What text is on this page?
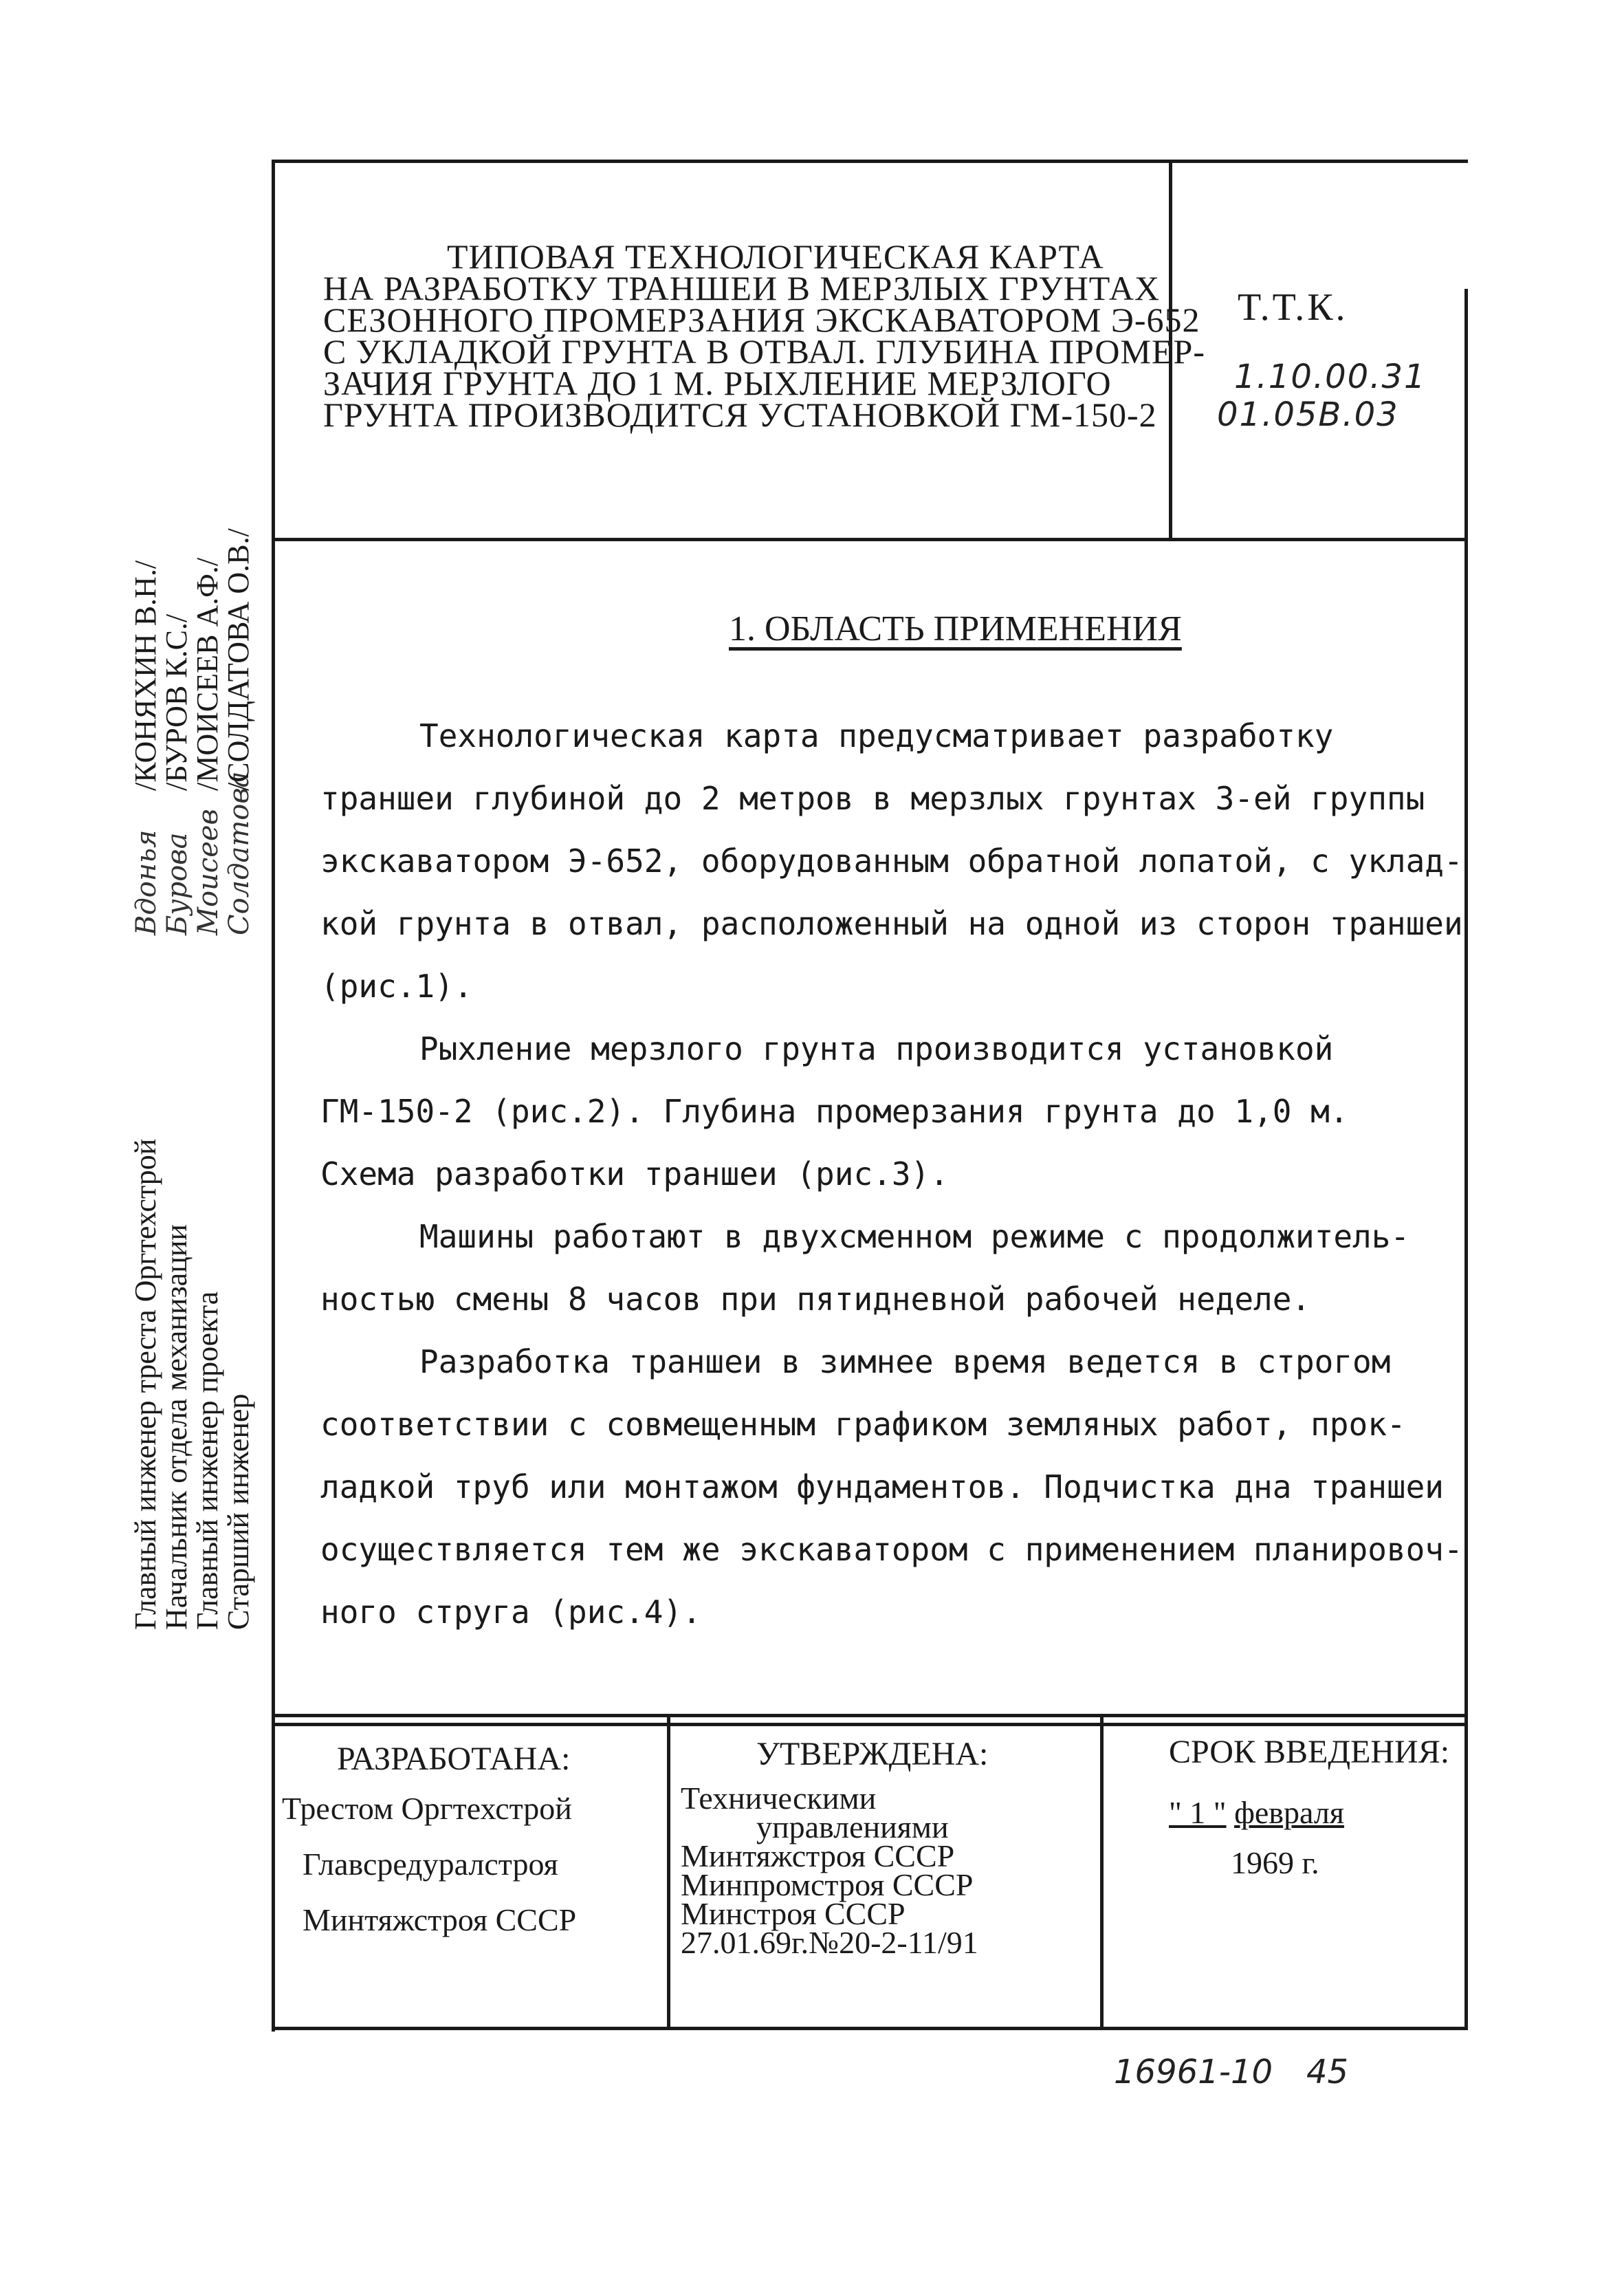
ТИПОВАЯ ТЕХНОЛОГИЧЕСКАЯ КАРТА
НА РАЗРАБОТКУ ТРАНШЕИ В МЕРЗЛЫХ ГРУНТАХ
СЕЗОННОГО ПРОМЕРЗАНИЯ ЭКСКАВАТОРОМ Э-652
С УКЛАДКОЙ ГРУНТА В ОТВАЛ. ГЛУБИНА ПРОМЕР-
ЗАЧИЯ ГРУНТА ДО 1 М. РЫХЛЕНИЕ МЕРЗЛОГО
ГРУНТА ПРОИЗВОДИТСЯ УСТАНОВКОЙ ГМ-150-2
Т.Т.К.
1.10.00.31
01.05B.03
1. ОБЛАСТЬ ПРИМЕНЕНИЯ

Технологическая карта предусматривает разработку

траншеи глубиной до 2 метров в мерзлых грунтах 3-ей группы

экскаватором Э-652, оборудованным обратной лопатой, с уклад-

кой грунта в отвал, расположенный на одной из сторон траншеи

(рис.1).

Рыхление мерзлого грунта производится установкой

ГМ-150-2 (рис.2). Глубина промерзания грунта до 1,0 м.

Схема разработки траншеи (рис.3).

Машины работают в двухсменном режиме с продолжитель-

ностью смены 8 часов при пятидневной рабочей неделе.

Разработка траншеи в зимнее время ведется в строгом

соответствии с совмещенным графиком земляных работ, прок-

ладкой труб или монтажом фундаментов. Подчистка дна траншеи

осуществляется тем же экскаватором с применением планировоч-

ного струга (рис.4).

Главный инженер треста Оргтехстрой
Вдонья
/КОНЯХИН В.Н./
Начальник отдела механизации
Бурова
/БУРОВ К.С./
Главный инженер проекта
Моисеев
/МОИСЕЕВ А.Ф./
Старший инженер
Солдатова
/СОЛДАТОВА О.В./
РАЗРАБОТАНА:
Трестом Оргтехстрой
Главсредуралстроя
Минтяжстроя СССР
УТВЕРЖДЕНА:
Техническими
управлениями
Минтяжстроя СССР
Минпромстроя СССР
Минстроя СССР
27.01.69г.№20-2-11/91
СРОК ВВЕДЕНИЯ:
" 1 " февраля
1969 г.
16961-10 45
